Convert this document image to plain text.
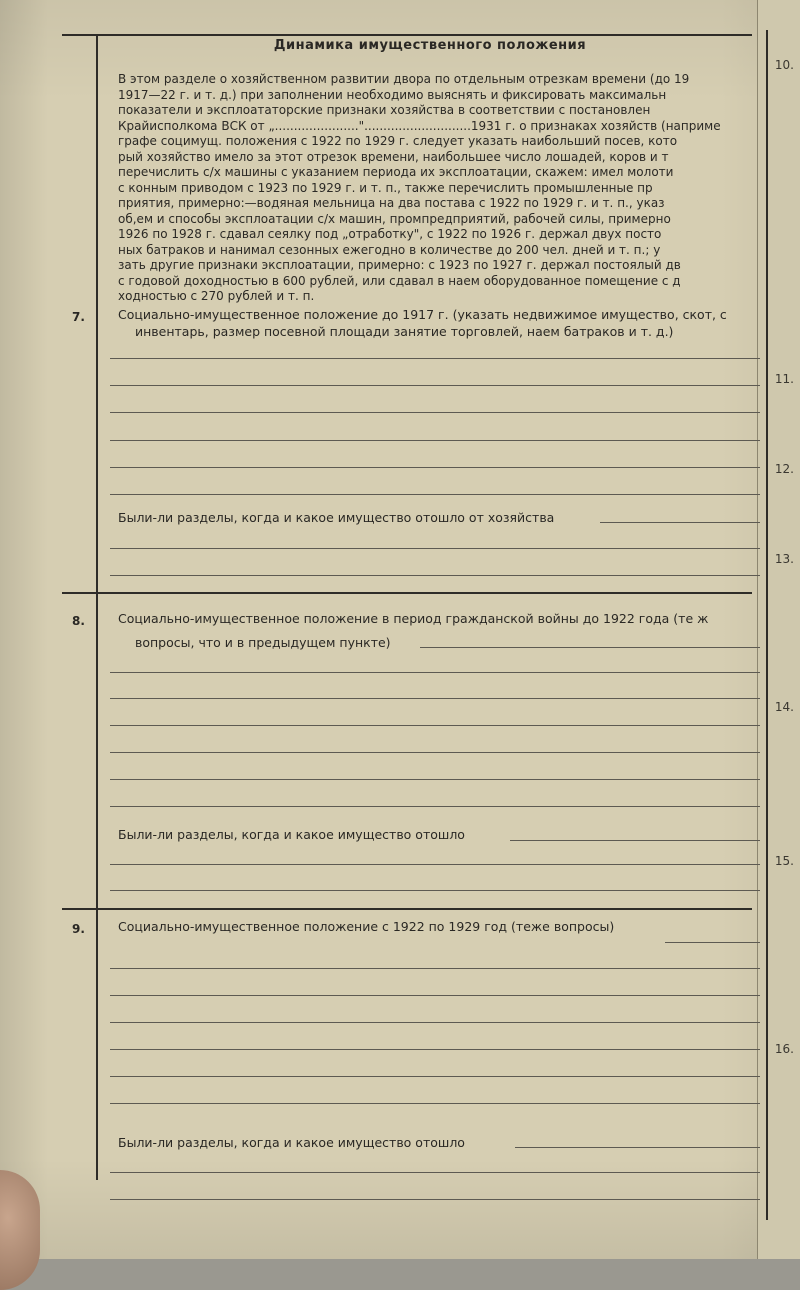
Динамика имущественного положения
В этом разделе о хозяйственном развитии двора по отдельным отрезкам времени (до 19
1917—22 г. и т. д.) при заполнении необходимо выяснять и фиксировать максимальн
показатели и эксплоататорские признаки хозяйства в соответствии с постановлен
Крайисполкома ВСК от „......................"............................1931 г. о признаках хозяйств (наприме
графе социмущ. положения с 1922 по 1929 г. следует указать наибольший посев, кото
рый хозяйство имело за этот отрезок времени, наибольшее число лошадей, коров и т
перечислить с/х машины с указанием периода их эксплоатации, скажем: имел молоти
с конным приводом с 1923 по 1929 г. и т. п., также перечислить промышленные пр
приятия, примерно:—водяная мельница на два постава с 1922 по 1929 г. и т. п., указ
об,ем и способы эксплоатации с/х машин, промпредприятий, рабочей силы, примерно
1926 по 1928 г. сдавал сеялку под „отработку", с 1922 по 1926 г. держал двух посто
ных батраков и нанимал сезонных ежегодно в количестве до 200 чел. дней и т. п.; у
зать другие признаки эксплоатации, примерно: с 1923 по 1927 г. держал постоялый дв
с годовой доходностью в 600 рублей, или сдавал в наем оборудованное помещение с д
ходностью с 270 рублей и т. п.
7.	Социально-имущественное положение до 1917 г. (указать недвижимое имущество, скот, с
инвентарь, размер посевной площади занятие торговлей, наем батраков и т. д.)
Были-ли разделы, когда и какое имущество отошло от хозяйства
8.	Социально-имущественное положение в период гражданской войны до 1922 года (те ж
вопросы, что и в предыдущем пункте)
Были-ли разделы, когда и какое имущество отошло
9.	Социально-имущественное положение с 1922 по 1929 год (теже вопросы)
Были-ли разделы, когда и какое имущество отошло
10.
11.
12.
13.
14.
15.
16.
